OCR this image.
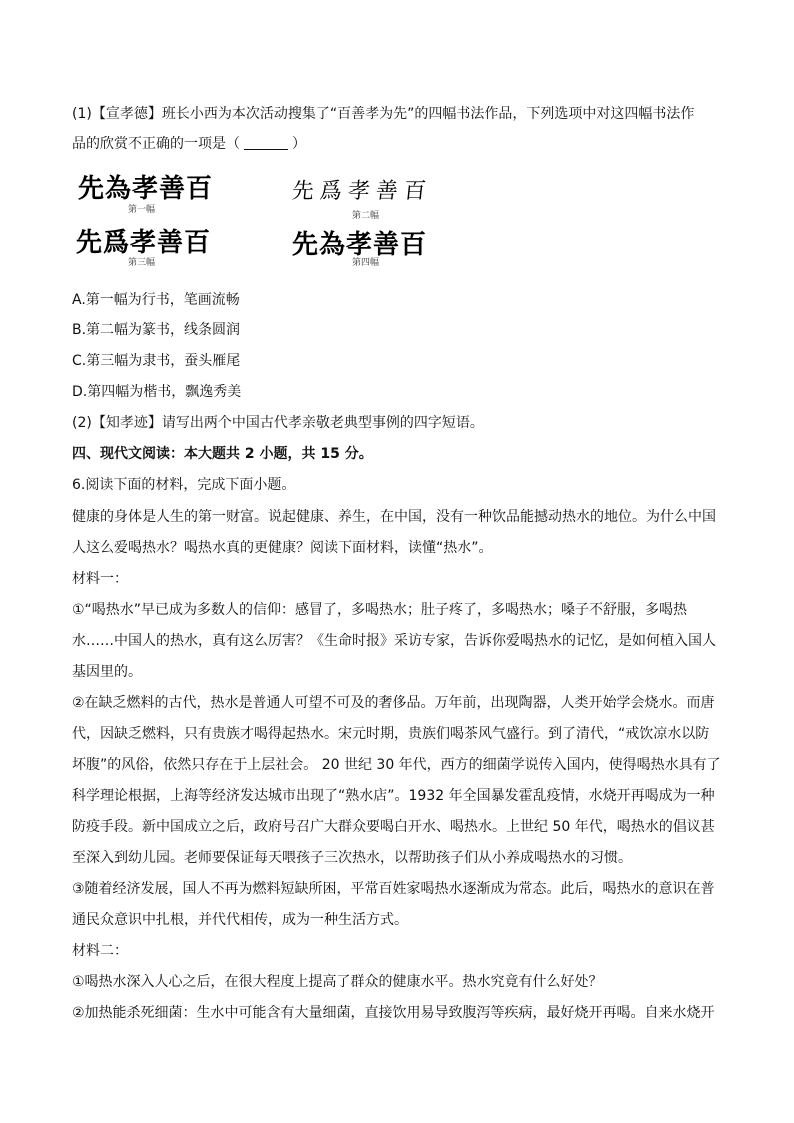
(1)【宣孝德】班长小西为本次活动搜集了“百善孝为先”的四幅书法作品，下列选项中对这四幅书法作
品的欣赏不正确的一项是（	）
先為孝善百
第一幅
先爲孝善百
第二幅
先爲孝善百
第三幅
先為孝善百
第四幅
A.第一幅为行书，笔画流畅
B.第二幅为篆书，线条圆润
C.第三幅为隶书，蚕头雁尾
D.第四幅为楷书，飘逸秀美
(2)【知孝迹】请写出两个中国古代孝亲敬老典型事例的四字短语。
四、现代文阅读：本大题共 2 小题，共 15 分。
6.阅读下面的材料，完成下面小题。
健康的身体是人生的第一财富。说起健康、养生，在中国，没有一种饮品能撼动热水的地位。为什么中国
人这么爱喝热水？喝热水真的更健康？阅读下面材料，读懂“热水”。
材料一：
①“喝热水”早已成为多数人的信仰：感冒了，多喝热水；肚子疼了，多喝热水；嗓子不舒服，多喝热
水……中国人的热水，真有这么厉害？《生命时报》采访专家，告诉你爱喝热水的记忆，是如何植入国人
基因里的。
②在缺乏燃料的古代，热水是普通人可望不可及的奢侈品。万年前，出现陶器，人类开始学会烧水。而唐
代，因缺乏燃料，只有贵族才喝得起热水。宋元时期，贵族们喝茶风气盛行。到了清代，“戒饮凉水以防
坏腹”的风俗，依然只存在于上层社会。 20 世纪 30 年代，西方的细菌学说传入国内，使得喝热水具有了
科学理论根据，上海等经济发达城市出现了“熟水店”。1932 年全国暴发霍乱疫情，水烧开再喝成为一种
防疫手段。新中国成立之后，政府号召广大群众要喝白开水、喝热水。上世纪 50 年代，喝热水的倡议甚
至深入到幼儿园。老师要保证每天喂孩子三次热水，以帮助孩子们从小养成喝热水的习惯。
③随着经济发展，国人不再为燃料短缺所困，平常百姓家喝热水逐渐成为常态。此后，喝热水的意识在普
通民众意识中扎根，并代代相传，成为一种生活方式。
材料二：
①喝热水深入人心之后，在很大程度上提高了群众的健康水平。热水究竟有什么好处？
②加热能杀死细菌：生水中可能含有大量细菌，直接饮用易导致腹泻等疾病，最好烧开再喝。自来水烧开
